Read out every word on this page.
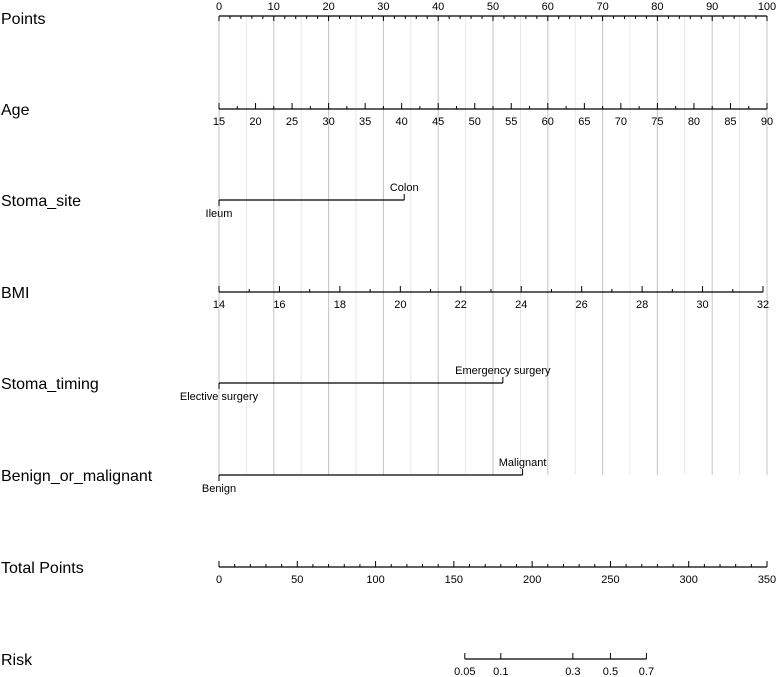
Points
0	10	20	30	40	50	60	70	80	90	100
Age
15 20 25 30 35 40 45 50 55 60 65 70 75 80 85 90
Stoma_site
Ileum
Colon
BMI
14	16	18	20	22	24	26	28	30	32
Stoma_timing
Elective surgery
Emergency surgery
Benign_or_malignant
Benign
Malignant
Total Points
0	50	100	150	200	250	300	350
Risk
0.05 0.1	0.3 0.5 0.7
